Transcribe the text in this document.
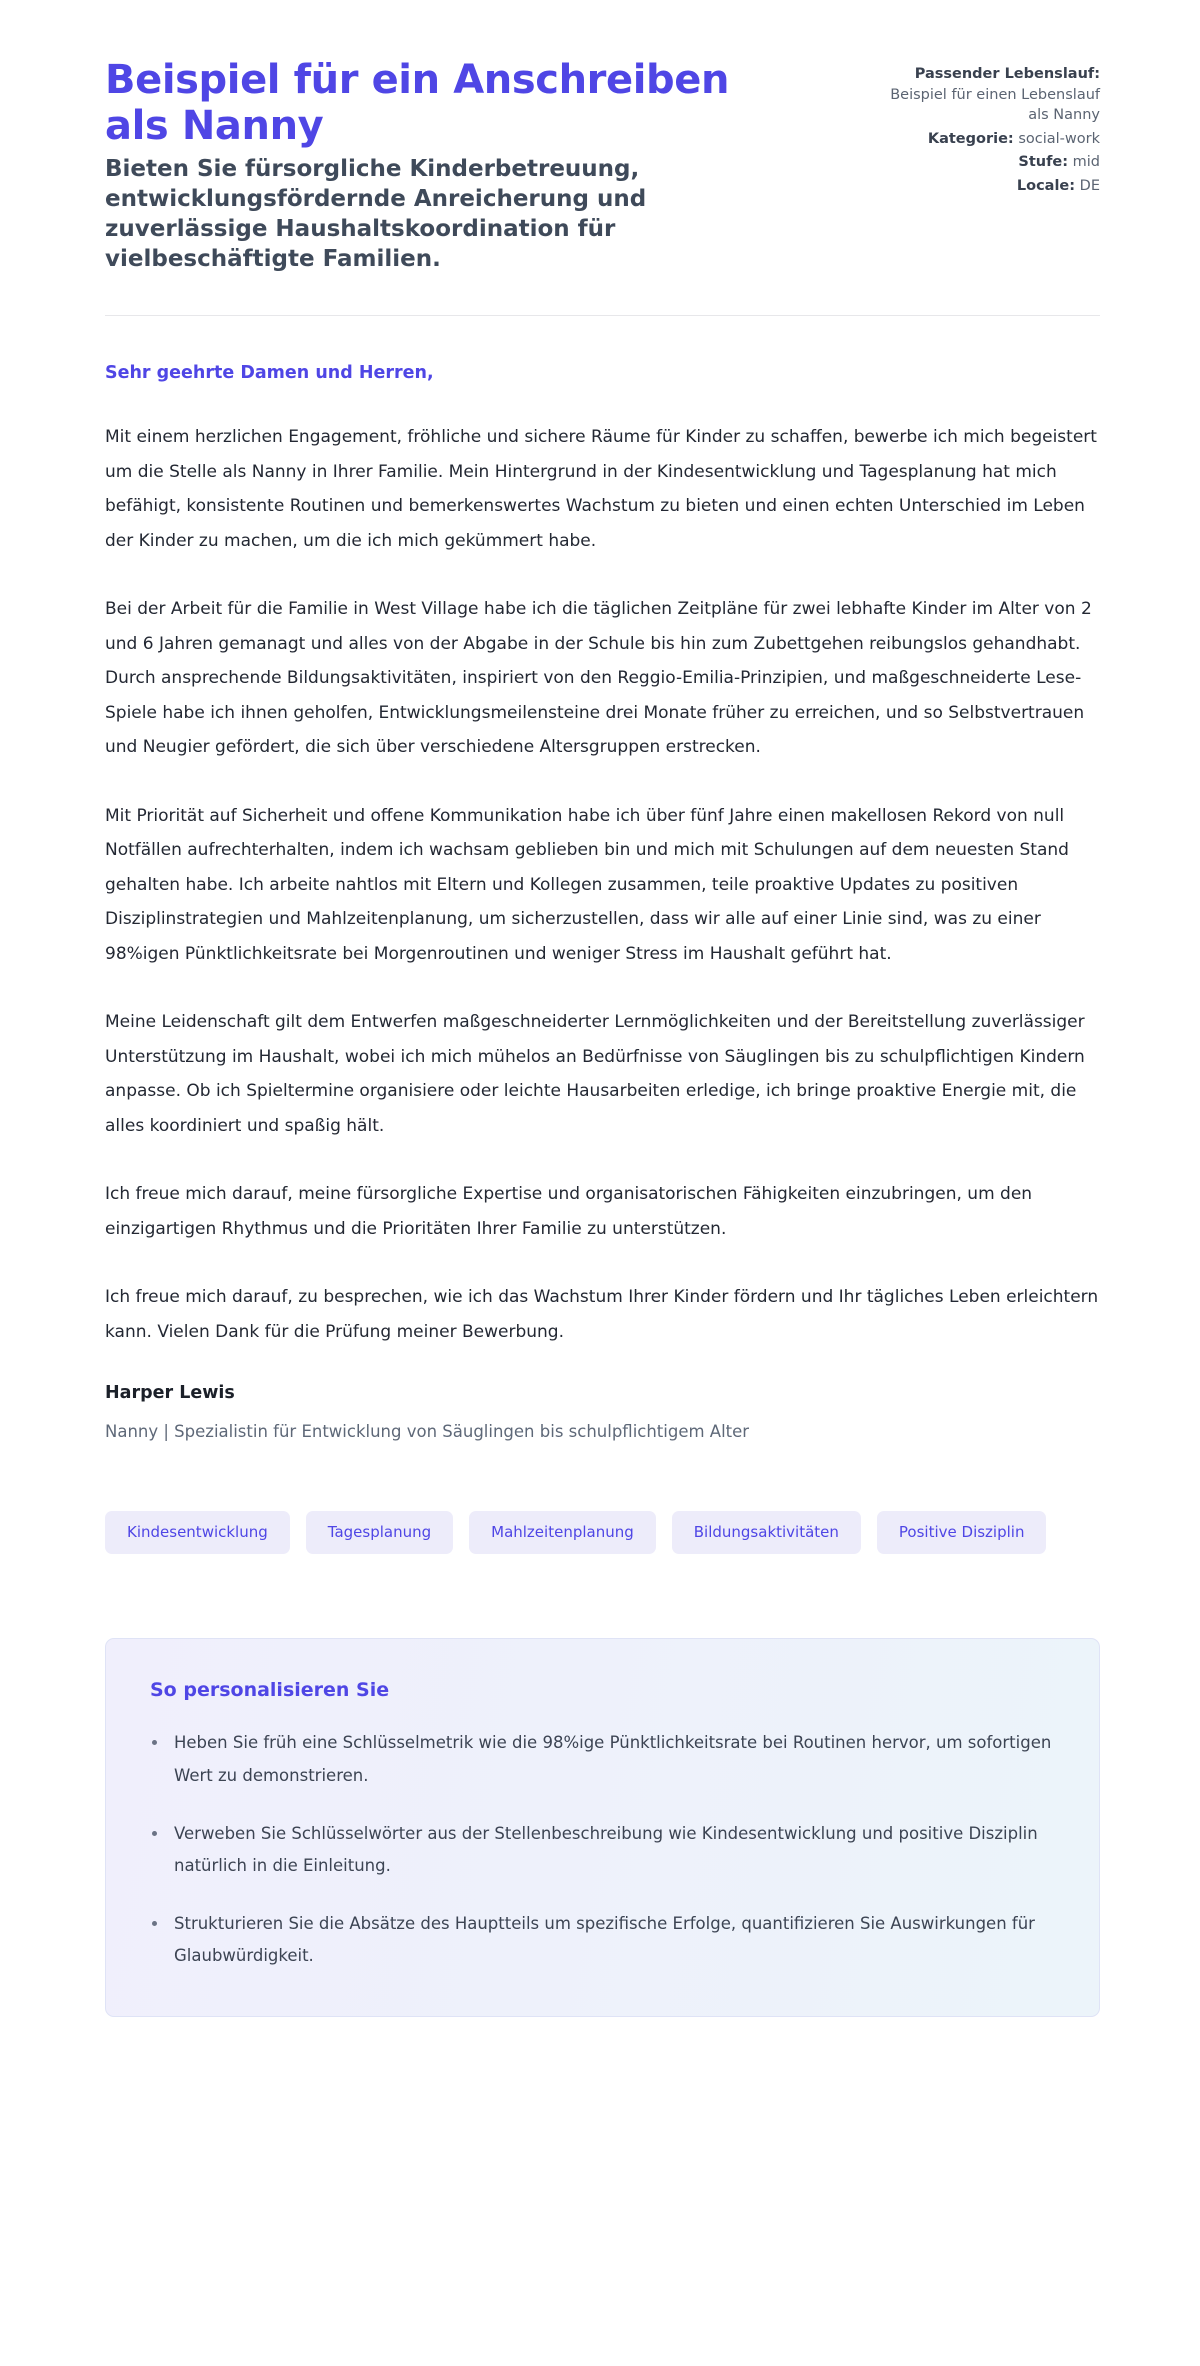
Beispiel für ein Anschreiben als Nanny

Bieten Sie fürsorgliche Kinderbetreuung, entwicklungsfördernde Anreicherung und zuverlässige Haushaltskoordination für vielbeschäftigte Familien.

Passender Lebenslauf: Beispiel für einen Lebenslauf als Nanny

Kategorie: social-work

Stufe: mid

Locale: DE

Sehr geehrte Damen und Herren,

Mit einem herzlichen Engagement, fröhliche und sichere Räume für Kinder zu schaffen, bewerbe ich mich begeistert um die Stelle als Nanny in Ihrer Familie. Mein Hintergrund in der Kindesentwicklung und Tagesplanung hat mich befähigt, konsistente Routinen und bemerkenswertes Wachstum zu bieten und einen echten Unterschied im Leben der Kinder zu machen, um die ich mich gekümmert habe.

Bei der Arbeit für die Familie in West Village habe ich die täglichen Zeitpläne für zwei lebhafte Kinder im Alter von 2 und 6 Jahren gemanagt und alles von der Abgabe in der Schule bis hin zum Zubettgehen reibungslos gehandhabt. Durch ansprechende Bildungsaktivitäten, inspiriert von den Reggio-Emilia-Prinzipien, und maßgeschneiderte Lese-Spiele habe ich ihnen geholfen, Entwicklungsmeilensteine drei Monate früher zu erreichen, und so Selbstvertrauen und Neugier gefördert, die sich über verschiedene Altersgruppen erstrecken.

Mit Priorität auf Sicherheit und offene Kommunikation habe ich über fünf Jahre einen makellosen Rekord von null Notfällen aufrechterhalten, indem ich wachsam geblieben bin und mich mit Schulungen auf dem neuesten Stand gehalten habe. Ich arbeite nahtlos mit Eltern und Kollegen zusammen, teile proaktive Updates zu positiven Disziplinstrategien und Mahlzeitenplanung, um sicherzustellen, dass wir alle auf einer Linie sind, was zu einer 98%igen Pünktlichkeitsrate bei Morgenroutinen und weniger Stress im Haushalt geführt hat.

Meine Leidenschaft gilt dem Entwerfen maßgeschneiderter Lernmöglichkeiten und der Bereitstellung zuverlässiger Unterstützung im Haushalt, wobei ich mich mühelos an Bedürfnisse von Säuglingen bis zu schulpflichtigen Kindern anpasse. Ob ich Spieltermine organisiere oder leichte Hausarbeiten erledige, ich bringe proaktive Energie mit, die alles koordiniert und spaßig hält.

Ich freue mich darauf, meine fürsorgliche Expertise und organisatorischen Fähigkeiten einzubringen, um den einzigartigen Rhythmus und die Prioritäten Ihrer Familie zu unterstützen.

Ich freue mich darauf, zu besprechen, wie ich das Wachstum Ihrer Kinder fördern und Ihr tägliches Leben erleichtern kann. Vielen Dank für die Prüfung meiner Bewerbung.

Harper Lewis

Nanny | Spezialistin für Entwicklung von Säuglingen bis schulpflichtigem Alter

Kindesentwicklung	Tagesplanung	Mahlzeitenplanung	Bildungsaktivitäten	Positive Disziplin
So personalisieren Sie
Heben Sie früh eine Schlüsselmetrik wie die 98%ige Pünktlichkeitsrate bei Routinen hervor, um sofortigen Wert zu demonstrieren.
Verweben Sie Schlüsselwörter aus der Stellenbeschreibung wie Kindesentwicklung und positive Disziplin natürlich in die Einleitung.
Strukturieren Sie die Absätze des Hauptteils um spezifische Erfolge, quantifizieren Sie Auswirkungen für Glaubwürdigkeit.
